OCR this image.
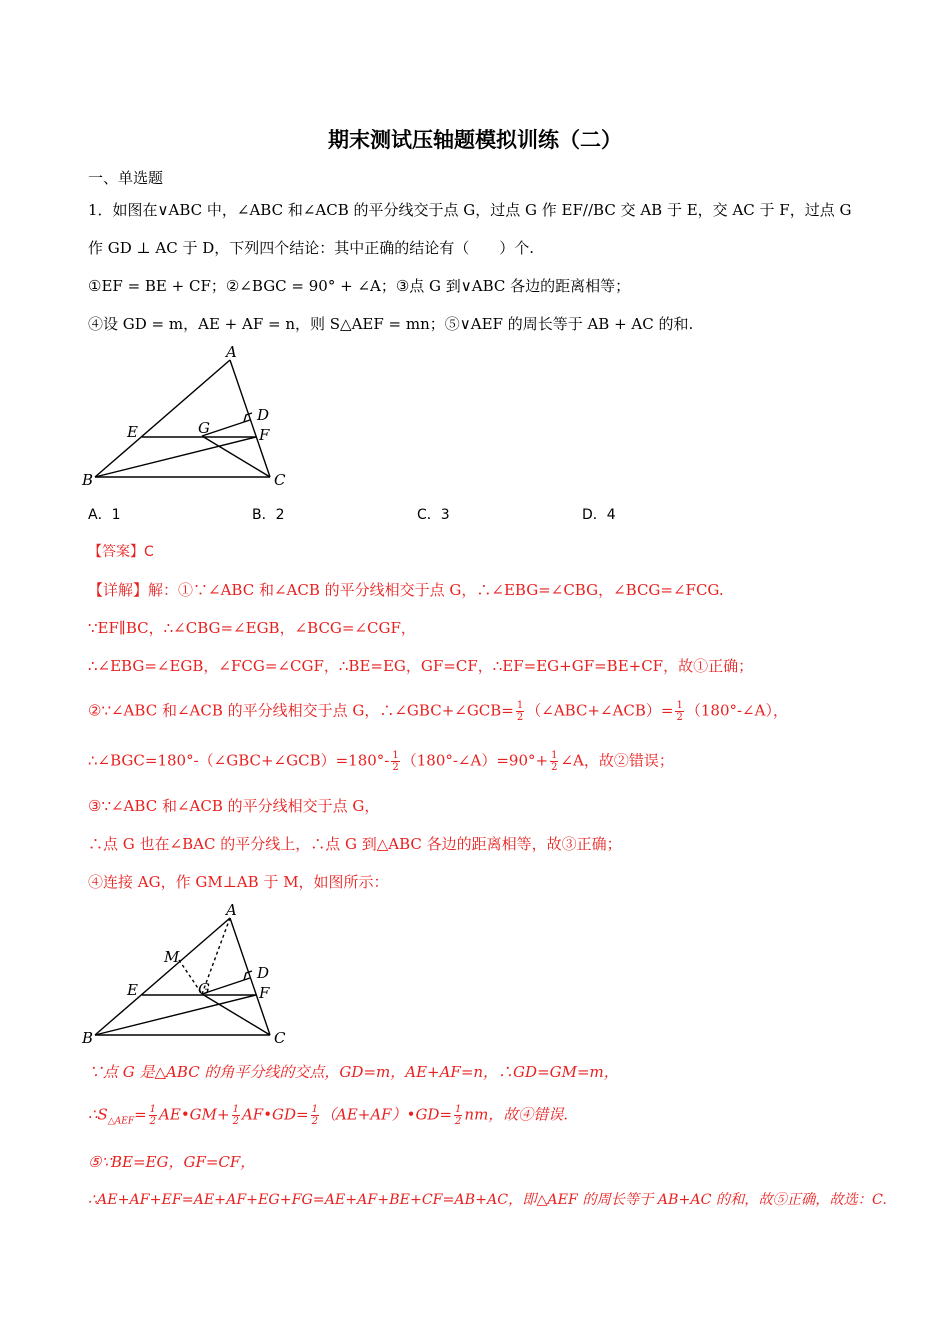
期末测试压轴题模拟训练（二）
一、单选题
1．如图在∨ABC 中，∠ABC 和∠ACB 的平分线交于点 G，过点 G 作 EF//BC 交 AB 于 E，交 AC 于 F，过点 G
作 GD ⊥ AC 于 D，下列四个结论：其中正确的结论有（　　）个.
①EF = BE + CF；②∠BGC = 90° + ∠A；③点 G 到∨ABC 各边的距离相等；
④设 GD = m，AE + AF = n，则 S△AEF = mn；⑤∨AEF 的周长等于 AB + AC 的和.
A
B	C
D
E	F
G
A．1	B．2	C．3	D．4
【答案】C
【详解】解：①∵∠ABC 和∠ACB 的平分线相交于点 G，∴∠EBG=∠CBG，∠BCG=∠FCG.
∵EF∥BC，∴∠CBG=∠EGB，∠BCG=∠CGF，
∴∠EBG=∠EGB，∠FCG=∠CGF，∴BE=EG，GF=CF，∴EF=EG+GF=BE+CF，故①正确；
②∵∠ABC 和∠ACB 的平分线相交于点 G，∴∠GBC+∠GCB= $\frac{1}{2}$ （∠ABC+∠ACB）= $\frac{1}{2}$ （180°-∠A），
∴∠BGC=180°-（∠GBC+∠GCB）=180°- $\frac{1}{2}$ （180°-∠A）=90°+ $\frac{1}{2}$ ∠A，故②错误；
③∵∠ABC 和∠ACB 的平分线相交于点 G，
∴点 G 也在∠BAC 的平分线上，∴点 G 到△ABC 各边的距离相等，故③正确；
④连接 AG，作 GM⊥AB 于 M，如图所示：
A
B	C
D
E	F
G
M
∵点 G 是△ABC 的角平分线的交点，GD=m，AE+AF=n，∴GD=GM=m，
$\therefore S_{\triangle AEF}= \frac{1}{2}$ AE•GM+ $\frac{1}{2}$ AF•GD= $\frac{1}{2}$ （AE+AF）•GD= $\frac{1}{2}$ nm，故④错误.
⑤∵BE=EG，GF=CF，
∴AE+AF+EF=AE+AF+EG+FG=AE+AF+BE+CF=AB+AC，即△AEF 的周长等于 AB+AC 的和，故⑤正确，故选：C.
